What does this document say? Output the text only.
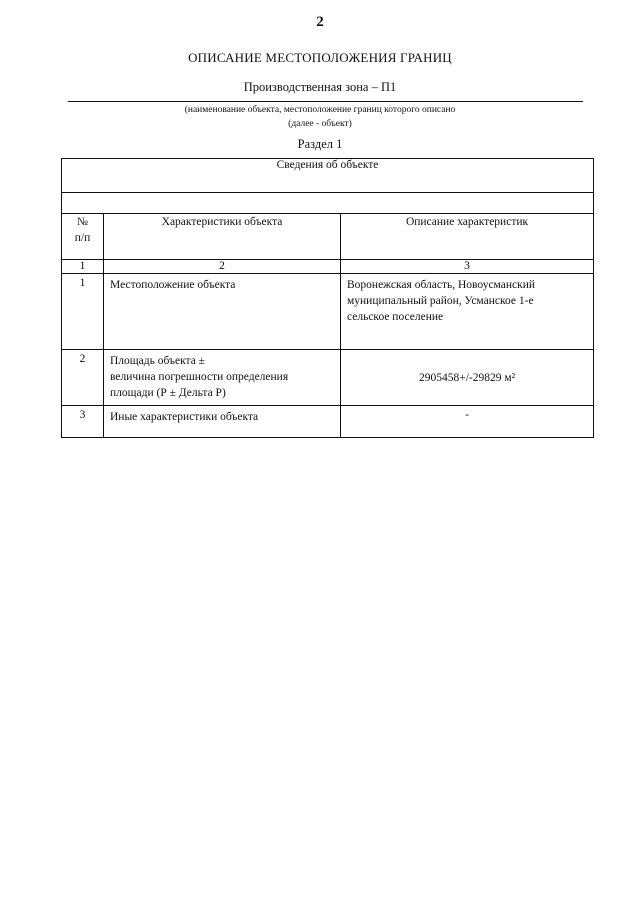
2
ОПИСАНИЕ МЕСТОПОЛОЖЕНИЯ ГРАНИЦ
Производственная зона – П1
(наименование объекта, местоположение границ которого описано
(далее - объект)
Раздел 1
Сведения об объекте		

№
п/п	Характеристики объекта	Описание характеристик
1	2	3
1	Местоположение объекта	Воронежская область, Новоусманский
муниципальный район, Усманское 1-е
сельское поселение

2	Площадь объекта ±
величина погрешности определения
площади (Р ± Дельта Р)	2905458+/-29829 м²
3	Иные характеристики объекта	-
